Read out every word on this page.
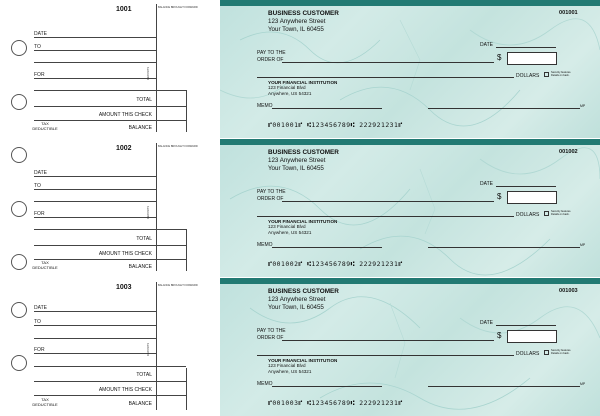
1001	BALANCE BROUGHT FORWARD
DATE
TO
FOR	DEPOSITS
TOTAL
AMOUNT THIS CHECK
TAX
DEDUCTIBLE	BALANCE
BUSINESS CUSTOMER
123 Anywhere Street
Your Town, IL 60455
001001
DATE
PAY TO THE
ORDER OF	$
DOLLARS
Security features. Details on back.
YOUR FINANCIAL INSTITUTION
123 Financial Blvd
Anywhere, US 54321
MEMO	MP
⑈001001⑈ ⑆123456789⑆ 222921231⑈
1002	BALANCE BROUGHT FORWARD
DATE
TO
FOR	DEPOSITS
TOTAL
AMOUNT THIS CHECK
TAX
DEDUCTIBLE	BALANCE
BUSINESS CUSTOMER
123 Anywhere Street
Your Town, IL 60455
001002
DATE
PAY TO THE
ORDER OF	$
DOLLARS
Security features. Details on back.
YOUR FINANCIAL INSTITUTION
123 Financial Blvd
Anywhere, US 54321
MEMO	MP
⑈001002⑈ ⑆123456789⑆ 222921231⑈
1003	BALANCE BROUGHT FORWARD
DATE
TO
FOR	DEPOSITS
TOTAL
AMOUNT THIS CHECK
TAX
DEDUCTIBLE	BALANCE
BUSINESS CUSTOMER
123 Anywhere Street
Your Town, IL 60455
001003
DATE
PAY TO THE
ORDER OF	$
DOLLARS
Security features. Details on back.
YOUR FINANCIAL INSTITUTION
123 Financial Blvd
Anywhere, US 54321
MEMO	MP
⑈001003⑈ ⑆123456789⑆ 222921231⑈
